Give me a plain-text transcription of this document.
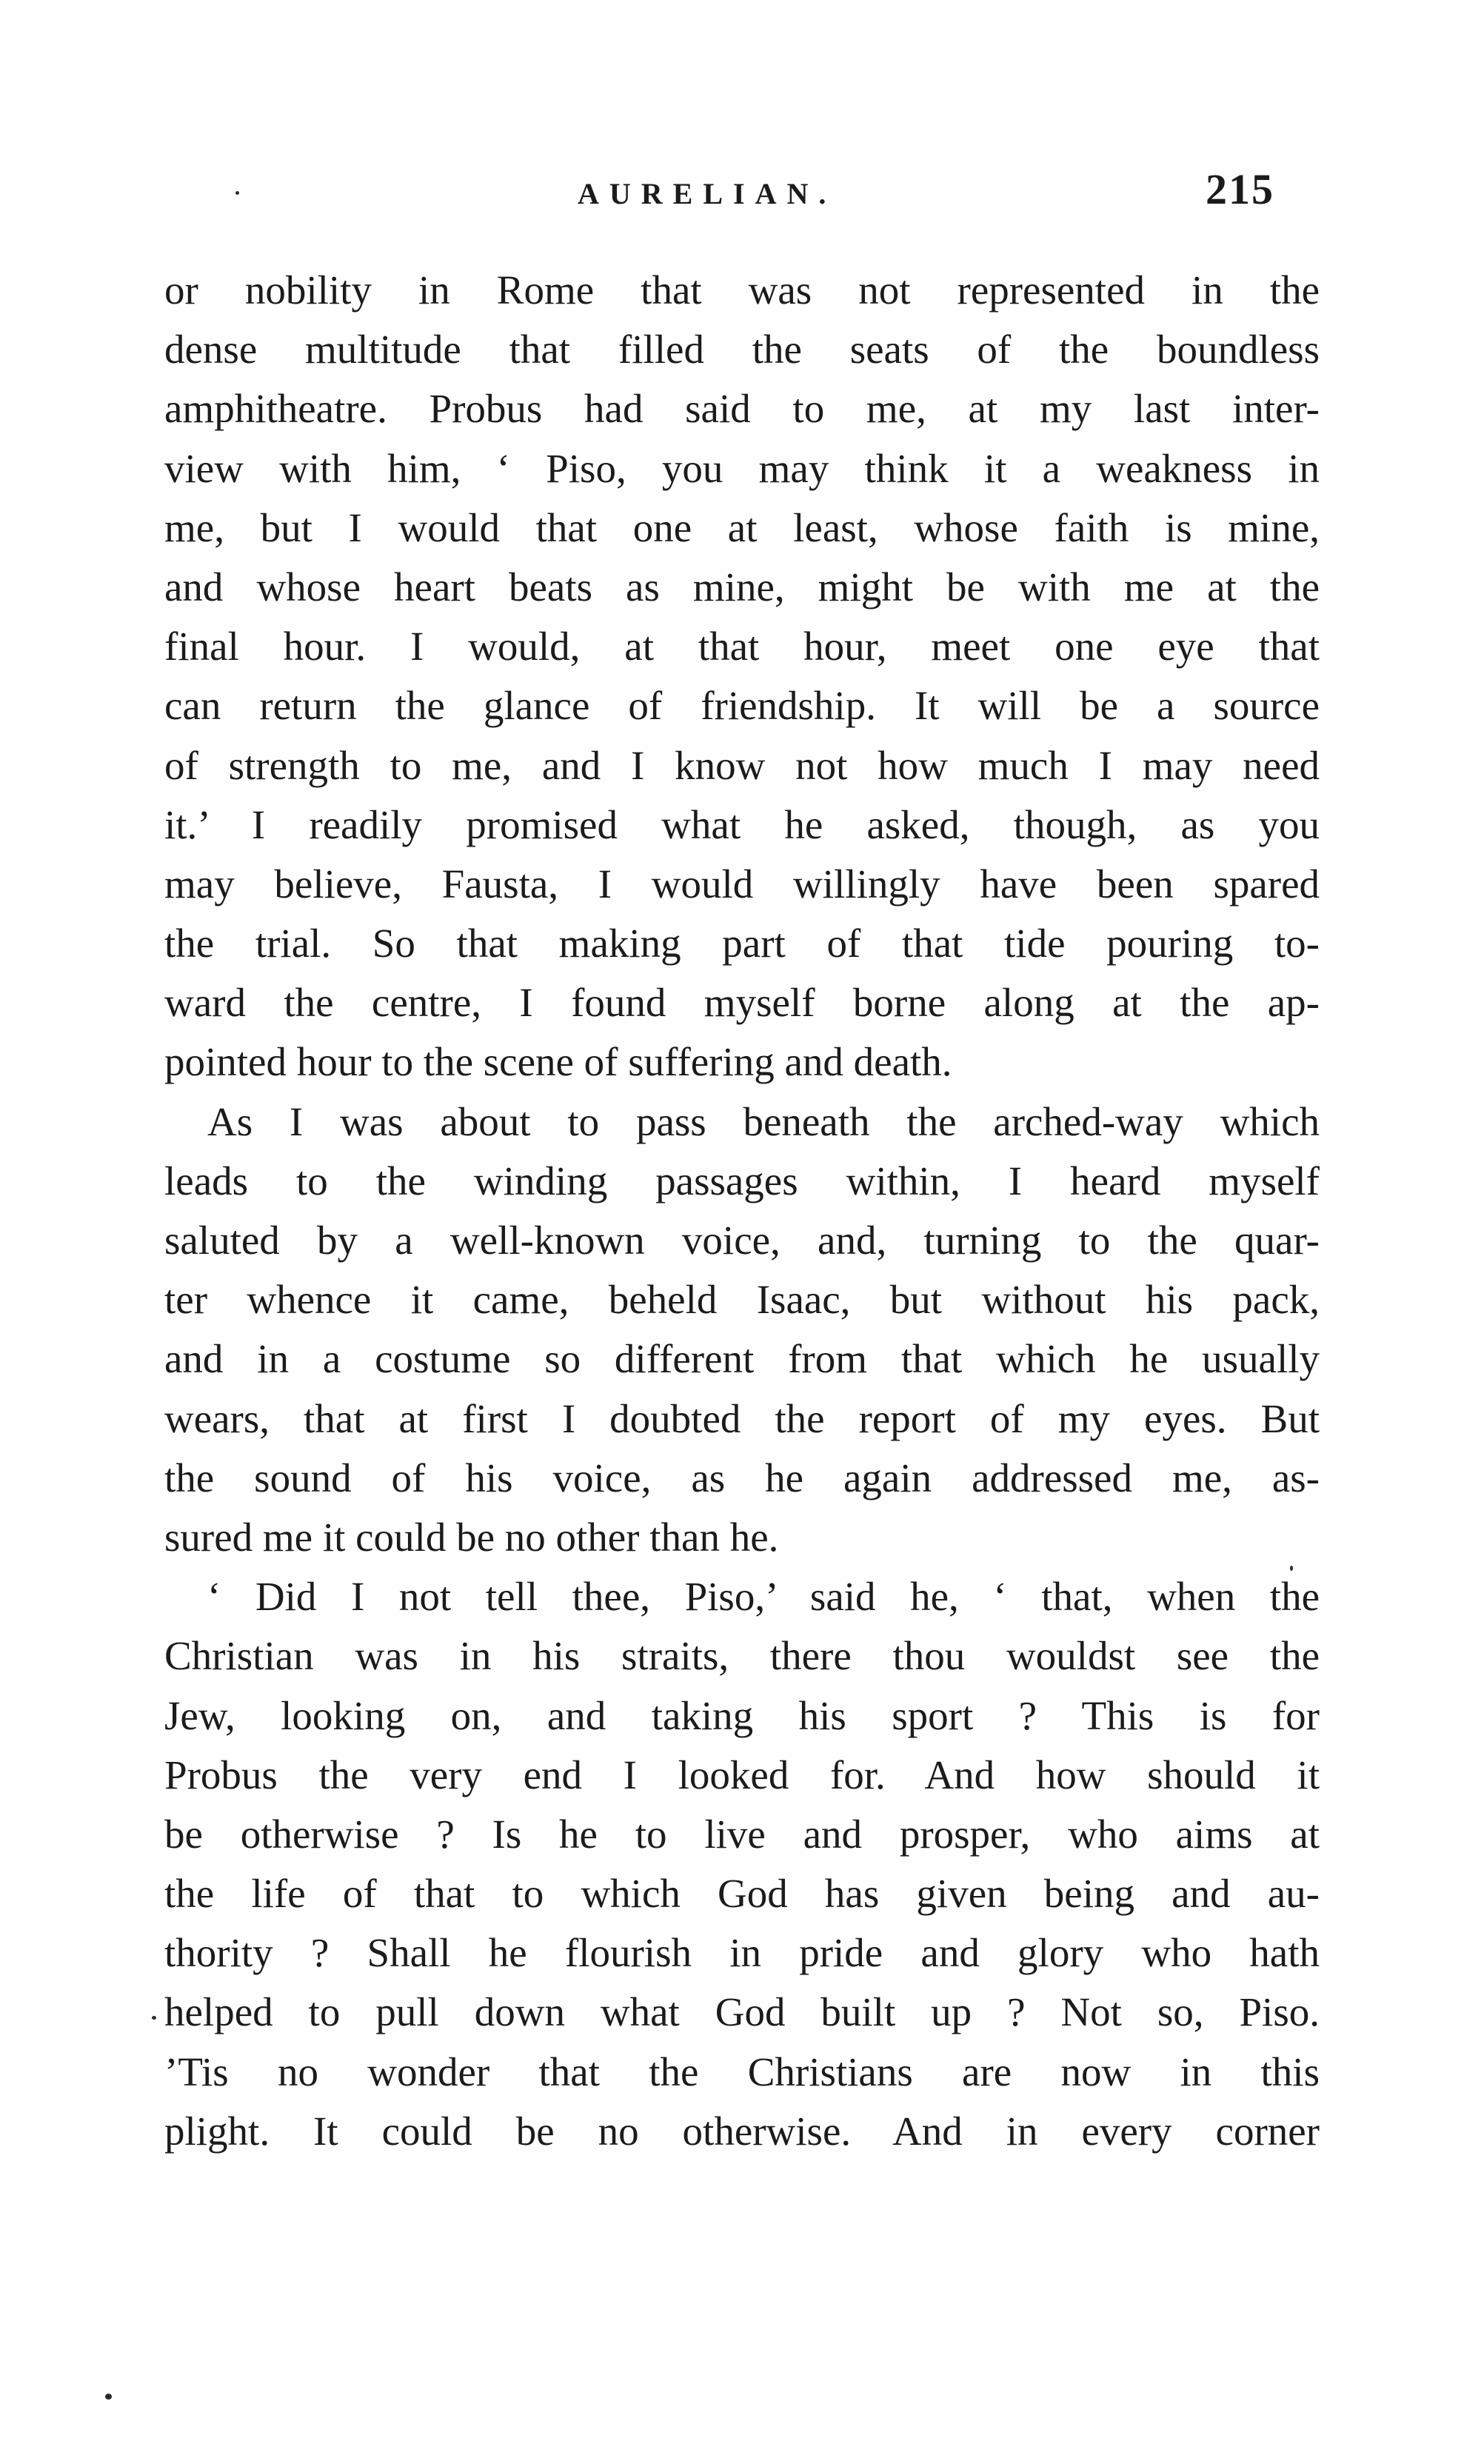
AURELIAN.	215
or nobility in Rome that was not represented in the
dense multitude that filled the seats of the boundless
amphitheatre. Probus had said to me, at my last inter-
view with him, ‘ Piso, you may think it a weakness in
me, but I would that one at least, whose faith is mine,
and whose heart beats as mine, might be with me at the
final hour. I would, at that hour, meet one eye that
can return the glance of friendship. It will be a source
of strength to me, and I know not how much I may need
it.’ I readily promised what he asked, though, as you
may believe, Fausta, I would willingly have been spared
the trial. So that making part of that tide pouring to-
ward the centre, I found myself borne along at the ap-
pointed hour to the scene of suffering and death.
As I was about to pass beneath the arched-way which
leads to the winding passages within, I heard myself
saluted by a well-known voice, and, turning to the quar-
ter whence it came, beheld Isaac, but without his pack,
and in a costume so different from that which he usually
wears, that at first I doubted the report of my eyes. But
the sound of his voice, as he again addressed me, as-
sured me it could be no other than he.
‘ Did I not tell thee, Piso,’ said he, ‘ that, when the
Christian was in his straits, there thou wouldst see the
Jew, looking on, and taking his sport ? This is for
Probus the very end I looked for. And how should it
be otherwise ? Is he to live and prosper, who aims at
the life of that to which God has given being and au-
thority ? Shall he flourish in pride and glory who hath
helped to pull down what God built up ? Not so, Piso.
’Tis no wonder that the Christians are now in this
plight. It could be no otherwise. And in every corner
